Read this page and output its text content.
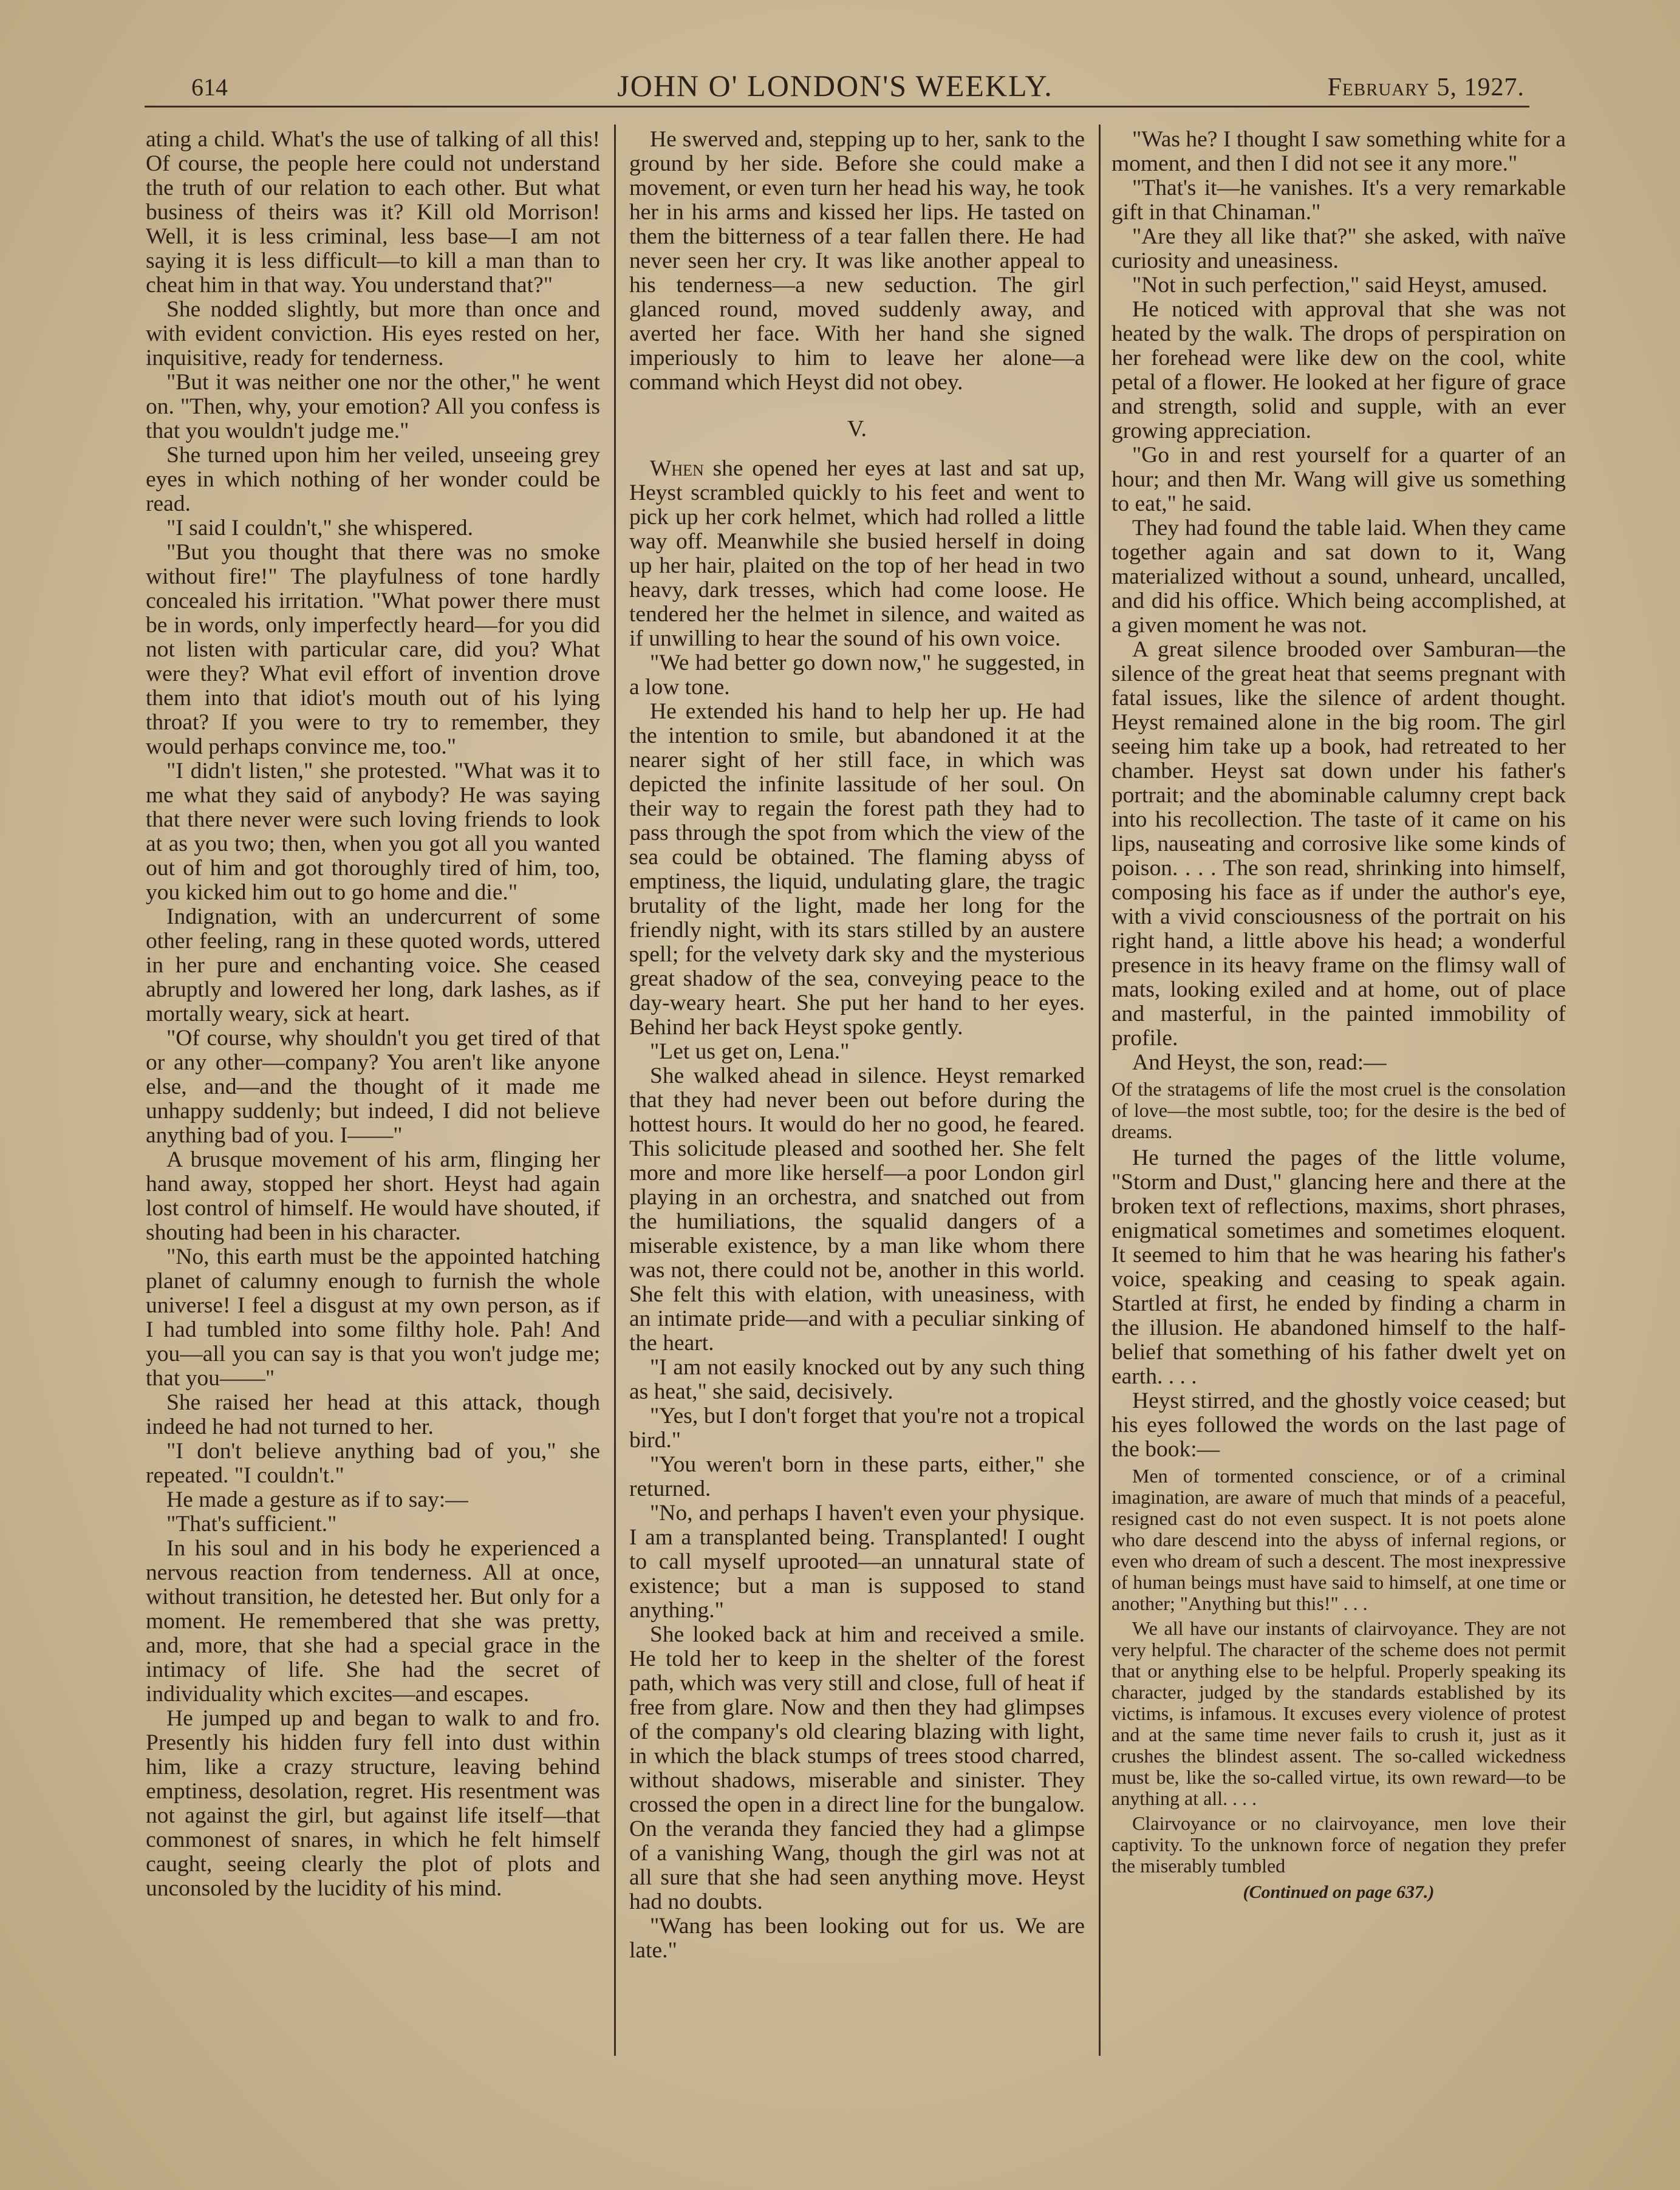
614	JOHN O' LONDON'S WEEKLY.	February 5, 1927.

ating a child. What's the use of talking of all this! Of course, the people here could not understand the truth of our relation to each other. But what business of theirs was it? Kill old Morrison! Well, it is less criminal, less base—I am not saying it is less difficult—to kill a man than to cheat him in that way. You understand that?"

She nodded slightly, but more than once and with evident conviction. His eyes rested on her, inquisitive, ready for tenderness.

"But it was neither one nor the other," he went on. "Then, why, your emotion? All you confess is that you wouldn't judge me."

She turned upon him her veiled, unseeing grey eyes in which nothing of her wonder could be read.

"I said I couldn't," she whispered.

"But you thought that there was no smoke without fire!" The playfulness of tone hardly concealed his irritation. "What power there must be in words, only imperfectly heard—for you did not listen with particular care, did you? What were they? What evil effort of invention drove them into that idiot's mouth out of his lying throat? If you were to try to remember, they would perhaps convince me, too."

"I didn't listen," she protested. "What was it to me what they said of anybody? He was saying that there never were such loving friends to look at as you two; then, when you got all you wanted out of him and got thoroughly tired of him, too, you kicked him out to go home and die."

Indignation, with an undercurrent of some other feeling, rang in these quoted words, uttered in her pure and enchanting voice. She ceased abruptly and lowered her long, dark lashes, as if mortally weary, sick at heart.

"Of course, why shouldn't you get tired of that or any other—company? You aren't like anyone else, and—and the thought of it made me unhappy suddenly; but indeed, I did not believe anything bad of you. I——"

A brusque movement of his arm, flinging her hand away, stopped her short. Heyst had again lost control of himself. He would have shouted, if shouting had been in his character.

"No, this earth must be the appointed hatching planet of calumny enough to furnish the whole universe! I feel a disgust at my own person, as if I had tumbled into some filthy hole. Pah! And you—all you can say is that you won't judge me; that you——"

She raised her head at this attack, though indeed he had not turned to her.

"I don't believe anything bad of you," she repeated. "I couldn't."

He made a gesture as if to say:—

"That's sufficient."

In his soul and in his body he experienced a nervous reaction from tenderness. All at once, without transition, he detested her. But only for a moment. He remembered that she was pretty, and, more, that she had a special grace in the intimacy of life. She had the secret of individuality which excites—and escapes.

He jumped up and began to walk to and fro. Presently his hidden fury fell into dust within him, like a crazy structure, leaving behind emptiness, desolation, regret. His resentment was not against the girl, but against life itself—that commonest of snares, in which he felt himself caught, seeing clearly the plot of plots and unconsoled by the lucidity of his mind.

He swerved and, stepping up to her, sank to the ground by her side. Before she could make a movement, or even turn her head his way, he took her in his arms and kissed her lips. He tasted on them the bitterness of a tear fallen there. He had never seen her cry. It was like another appeal to his tenderness—a new seduction. The girl glanced round, moved suddenly away, and averted her face. With her hand she signed imperiously to him to leave her alone—a command which Heyst did not obey.

V.

When she opened her eyes at last and sat up, Heyst scrambled quickly to his feet and went to pick up her cork helmet, which had rolled a little way off. Meanwhile she busied herself in doing up her hair, plaited on the top of her head in two heavy, dark tresses, which had come loose. He tendered her the helmet in silence, and waited as if unwilling to hear the sound of his own voice.

"We had better go down now," he suggested, in a low tone.

He extended his hand to help her up. He had the intention to smile, but abandoned it at the nearer sight of her still face, in which was depicted the infinite lassitude of her soul. On their way to regain the forest path they had to pass through the spot from which the view of the sea could be obtained. The flaming abyss of emptiness, the liquid, undulating glare, the tragic brutality of the light, made her long for the friendly night, with its stars stilled by an austere spell; for the velvety dark sky and the mysterious great shadow of the sea, conveying peace to the day-weary heart. She put her hand to her eyes. Behind her back Heyst spoke gently.

"Let us get on, Lena."

She walked ahead in silence. Heyst remarked that they had never been out before during the hottest hours. It would do her no good, he feared. This solicitude pleased and soothed her. She felt more and more like herself—a poor London girl playing in an orchestra, and snatched out from the humiliations, the squalid dangers of a miserable existence, by a man like whom there was not, there could not be, another in this world. She felt this with elation, with uneasiness, with an intimate pride—and with a peculiar sinking of the heart.

"I am not easily knocked out by any such thing as heat," she said, decisively.

"Yes, but I don't forget that you're not a tropical bird."

"You weren't born in these parts, either," she returned.

"No, and perhaps I haven't even your physique. I am a transplanted being. Transplanted! I ought to call myself uprooted—an unnatural state of existence; but a man is supposed to stand anything."

She looked back at him and received a smile. He told her to keep in the shelter of the forest path, which was very still and close, full of heat if free from glare. Now and then they had glimpses of the company's old clearing blazing with light, in which the black stumps of trees stood charred, without shadows, miserable and sinister. They crossed the open in a direct line for the bungalow. On the veranda they fancied they had a glimpse of a vanishing Wang, though the girl was not at all sure that she had seen anything move. Heyst had no doubts.

"Wang has been looking out for us. We are late."

"Was he? I thought I saw something white for a moment, and then I did not see it any more."

"That's it—he vanishes. It's a very remarkable gift in that Chinaman."

"Are they all like that?" she asked, with naïve curiosity and uneasiness.

"Not in such perfection," said Heyst, amused.

He noticed with approval that she was not heated by the walk. The drops of perspiration on her forehead were like dew on the cool, white petal of a flower. He looked at her figure of grace and strength, solid and supple, with an ever growing appreciation.

"Go in and rest yourself for a quarter of an hour; and then Mr. Wang will give us something to eat," he said.

They had found the table laid. When they came together again and sat down to it, Wang materialized without a sound, unheard, uncalled, and did his office. Which being accomplished, at a given moment he was not.

A great silence brooded over Samburan—the silence of the great heat that seems pregnant with fatal issues, like the silence of ardent thought. Heyst remained alone in the big room. The girl seeing him take up a book, had retreated to her chamber. Heyst sat down under his father's portrait; and the abominable calumny crept back into his recollection. The taste of it came on his lips, nauseating and corrosive like some kinds of poison. . . . The son read, shrinking into himself, composing his face as if under the author's eye, with a vivid consciousness of the portrait on his right hand, a little above his head; a wonderful presence in its heavy frame on the flimsy wall of mats, looking exiled and at home, out of place and masterful, in the painted immobility of profile.

And Heyst, the son, read:—

Of the stratagems of life the most cruel is the consolation of love—the most subtle, too; for the desire is the bed of dreams.

He turned the pages of the little volume, "Storm and Dust," glancing here and there at the broken text of reflections, maxims, short phrases, enigmatical sometimes and sometimes eloquent. It seemed to him that he was hearing his father's voice, speaking and ceasing to speak again. Startled at first, he ended by finding a charm in the illusion. He abandoned himself to the half-belief that something of his father dwelt yet on earth. . . .

Heyst stirred, and the ghostly voice ceased; but his eyes followed the words on the last page of the book:—

Men of tormented conscience, or of a criminal imagination, are aware of much that minds of a peaceful, resigned cast do not even suspect. It is not poets alone who dare descend into the abyss of infernal regions, or even who dream of such a descent. The most inexpressive of human beings must have said to himself, at one time or another; "Anything but this!" . . .

We all have our instants of clairvoyance. They are not very helpful. The character of the scheme does not permit that or anything else to be helpful. Properly speaking its character, judged by the standards established by its victims, is infamous. It excuses every violence of protest and at the same time never fails to crush it, just as it crushes the blindest assent. The so-called wickedness must be, like the so-called virtue, its own reward—to be anything at all. . . .

Clairvoyance or no clairvoyance, men love their captivity. To the unknown force of negation they prefer the miserably tumbled

(Continued on page 637.)
